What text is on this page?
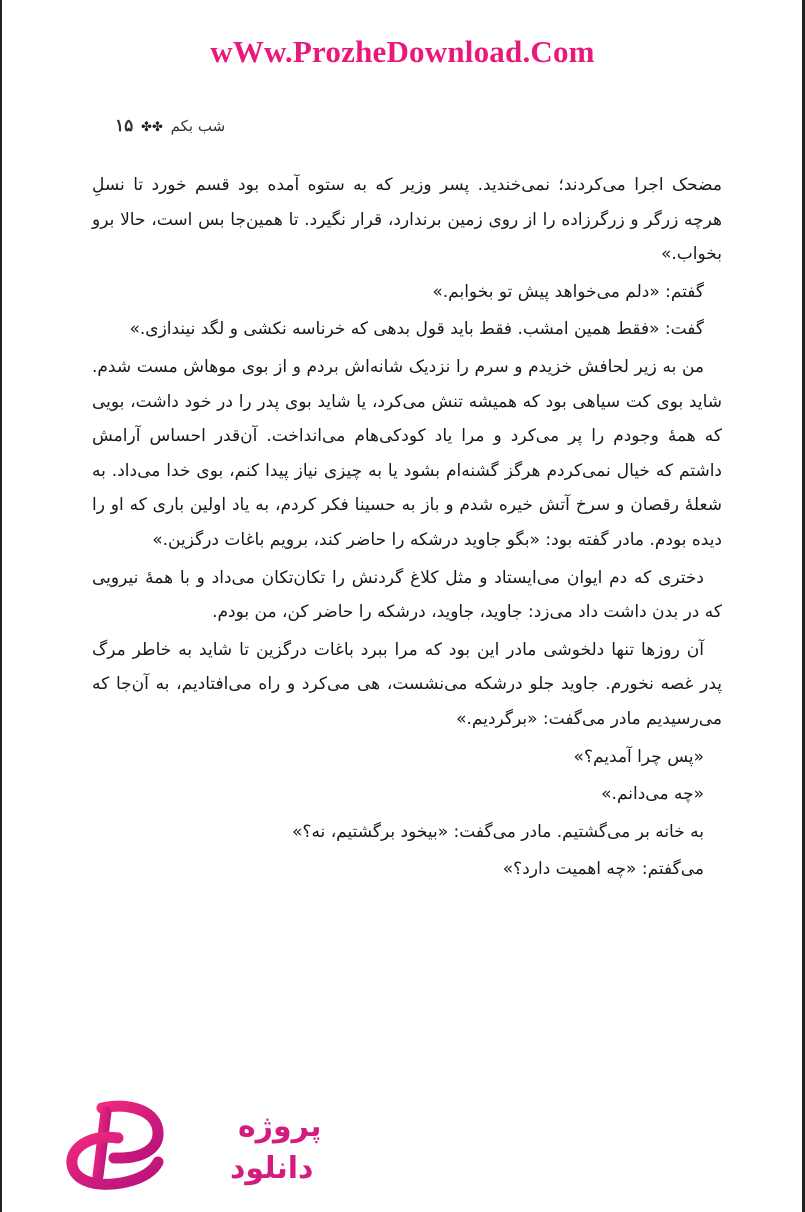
wWw.ProzheDownload.Com
شب بکم ✤✤ ۱۵

مضحک اجرا می‌کردند؛ نمی‌خندید. پسر وزیر که به ستوه آمده بود قسم خورد تا نسلِ هرچه زرگر و زرگرزاده را از روی زمین برندارد، قرار نگیرد. تا همین‌جا بس است، حالا برو بخواب.»

گفتم: «دلم می‌خواهد پیش تو بخوابم.»

گفت: «فقط همین امشب. فقط باید قول بدهی که خرناسه نکشی و لگد نیندازی.»

من به زیر لحافش خزیدم و سرم را نزدیک شانه‌اش بردم و از بوی موهاش مست شدم. شاید بوی کت سیاهی بود که همیشه تنش می‌کرد، یا شاید بوی پدر را در خود داشت، بویی که همهٔ وجودم را پر می‌کرد و مرا یاد کودکی‌هام می‌انداخت. آن‌قدر احساس آرامش داشتم که خیال نمی‌کردم هرگز گشنه‌ام بشود یا به چیزی نیاز پیدا کنم، بوی خدا می‌داد. به شعلهٔ رقصان و سرخ آتش خیره شدم و باز به حسینا فکر کردم، به یاد اولین باری که او را دیده بودم. مادر گفته بود: «بگو جاوید درشکه را حاضر کند، برویم باغات درگزین.»

دختری که دم ایوان می‌ایستاد و مثل کلاغ گردنش را تکان‌تکان می‌داد و با همهٔ نیرویی که در بدن داشت داد می‌زد: جاوید، جاوید، درشکه را حاضر کن، من بودم.

آن روزها تنها دلخوشی مادر این بود که مرا ببرد باغات درگزین تا شاید به خاطر مرگ پدر غصه نخورم. جاوید جلو درشکه می‌نشست، هی می‌کرد و راه می‌افتادیم، به آن‌جا که می‌رسیدیم مادر می‌گفت: «برگردیم.»

«پس چرا آمدیم؟»

«چه می‌دانم.»

به خانه بر می‌گشتیم. مادر می‌گفت: «بیخود برگشتیم، نه؟»

می‌گفتم: «چه اهمیت دارد؟»

پروژه
دانلود
